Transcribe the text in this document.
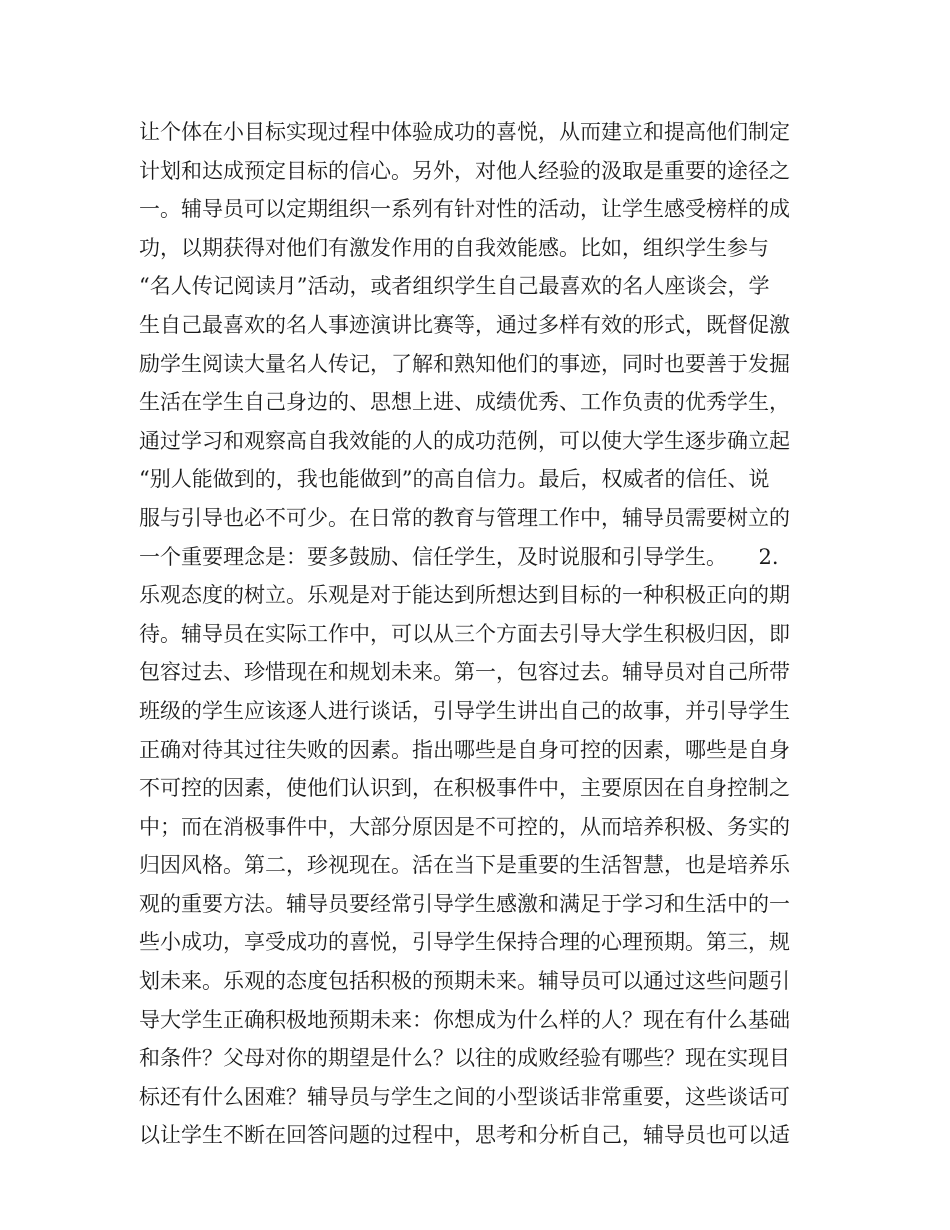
让个体在小目标实现过程中体验成功的喜悦，从而建立和提高他们制定
计划和达成预定目标的信心。另外，对他人经验的汲取是重要的途径之
一。辅导员可以定期组织一系列有针对性的活动，让学生感受榜样的成
功，以期获得对他们有激发作用的自我效能感。比如，组织学生参与
“名人传记阅读月”活动，或者组织学生自己最喜欢的名人座谈会，学
生自己最喜欢的名人事迹演讲比赛等，通过多样有效的形式，既督促激
励学生阅读大量名人传记，了解和熟知他们的事迹，同时也要善于发掘
生活在学生自己身边的、思想上进、成绩优秀、工作负责的优秀学生，
通过学习和观察高自我效能的人的成功范例，可以使大学生逐步确立起
“别人能做到的，我也能做到”的高自信力。最后，权威者的信任、说
服与引导也必不可少。在日常的教育与管理工作中，辅导员需要树立的
一个重要理念是：要多鼓励、信任学生，及时说服和引导学生。　　2.
乐观态度的树立。乐观是对于能达到所想达到目标的一种积极正向的期
待。辅导员在实际工作中，可以从三个方面去引导大学生积极归因，即
包容过去、珍惜现在和规划未来。第一，包容过去。辅导员对自己所带
班级的学生应该逐人进行谈话，引导学生讲出自己的故事，并引导学生
正确对待其过往失败的因素。指出哪些是自身可控的因素，哪些是自身
不可控的因素，使他们认识到，在积极事件中，主要原因在自身控制之
中；而在消极事件中，大部分原因是不可控的，从而培养积极、务实的
归因风格。第二，珍视现在。活在当下是重要的生活智慧，也是培养乐
观的重要方法。辅导员要经常引导学生感激和满足于学习和生活中的一
些小成功，享受成功的喜悦，引导学生保持合理的心理预期。第三，规
划未来。乐观的态度包括积极的预期未来。辅导员可以通过这些问题引
导大学生正确积极地预期未来：你想成为什么样的人？现在有什么基础
和条件？父母对你的期望是什么？以往的成败经验有哪些？现在实现目
标还有什么困难？辅导员与学生之间的小型谈话非常重要，这些谈话可
以让学生不断在回答问题的过程中，思考和分析自己，辅导员也可以适
